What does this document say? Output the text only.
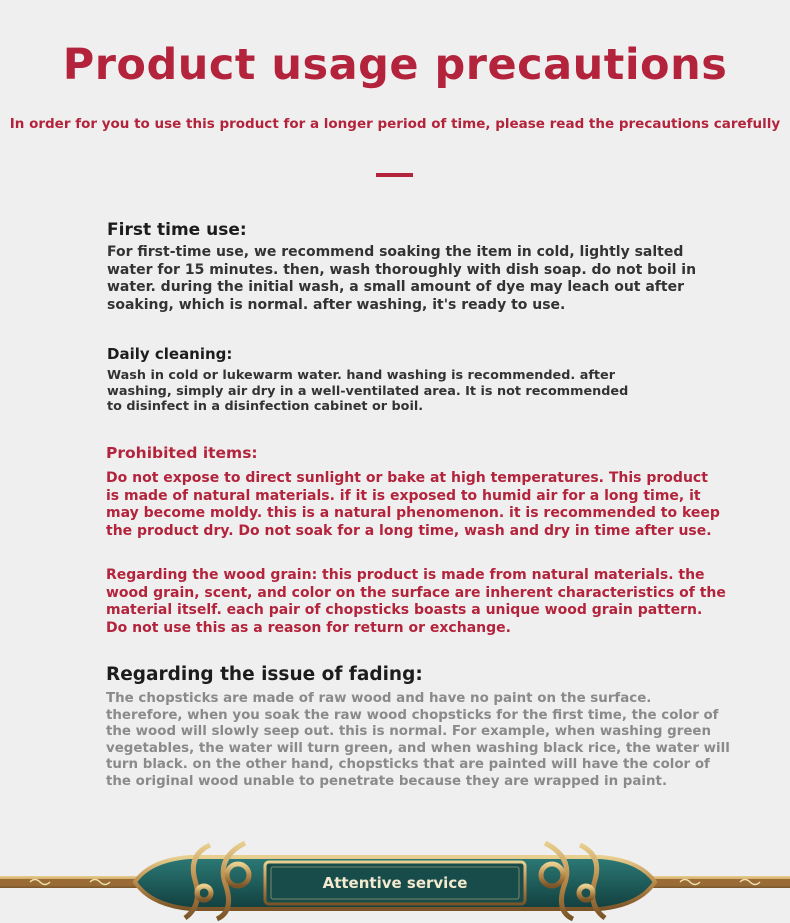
Product usage precautions
In order for you to use this product for a longer period of time, please read the precautions carefully
First time use:
For first-time use, we recommend soaking the item in cold, lightly salted water for 15 minutes. then, wash thoroughly with dish soap. do not boil in water. during the initial wash, a small amount of dye may leach out after soaking, which is normal. after washing, it's ready to use.
Daily cleaning:
Wash in cold or lukewarm water. hand washing is recommended. after washing, simply air dry in a well-ventilated area. It is not recommended to disinfect in a disinfection cabinet or boil.
Prohibited items:
Do not expose to direct sunlight or bake at high temperatures. This product is made of natural materials. if it is exposed to humid air for a long time, it may become moldy. this is a natural phenomenon. it is recommended to keep the product dry. Do not soak for a long time, wash and dry in time after use.
Regarding the wood grain: this product is made from natural materials. the wood grain, scent, and color on the surface are inherent characteristics of the material itself. each pair of chopsticks boasts a unique wood grain pattern. Do not use this as a reason for return or exchange.
Regarding the issue of fading:
The chopsticks are made of raw wood and have no paint on the surface. therefore, when you soak the raw wood chopsticks for the first time, the color of the wood will slowly seep out. this is normal. For example, when washing green vegetables, the water will turn green, and when washing black rice, the water will turn black. on the other hand, chopsticks that are painted will have the color of the original wood unable to penetrate because they are wrapped in paint.
Attentive service
